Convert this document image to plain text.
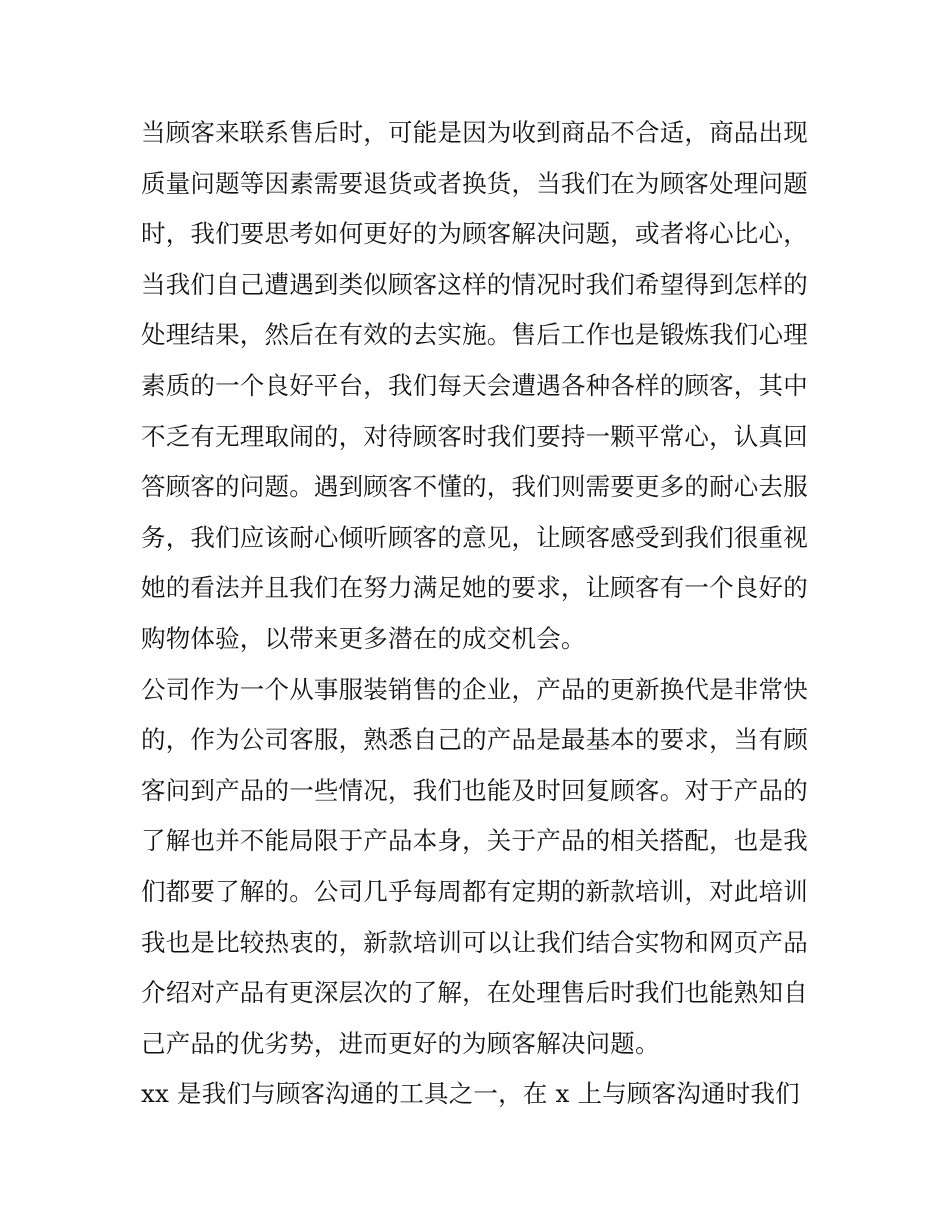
当顾客来联系售后时，可能是因为收到商品不合适，商品出现
质量问题等因素需要退货或者换货，当我们在为顾客处理问题
时，我们要思考如何更好的为顾客解决问题，或者将心比心，
当我们自己遭遇到类似顾客这样的情况时我们希望得到怎样的
处理结果，然后在有效的去实施。售后工作也是锻炼我们心理
素质的一个良好平台，我们每天会遭遇各种各样的顾客，其中
不乏有无理取闹的，对待顾客时我们要持一颗平常心，认真回
答顾客的问题。遇到顾客不懂的，我们则需要更多的耐心去服
务，我们应该耐心倾听顾客的意见，让顾客感受到我们很重视
她的看法并且我们在努力满足她的要求，让顾客有一个良好的
购物体验，以带来更多潜在的成交机会。
公司作为一个从事服装销售的企业，产品的更新换代是非常快
的，作为公司客服，熟悉自己的产品是最基本的要求，当有顾
客问到产品的一些情况，我们也能及时回复顾客。对于产品的
了解也并不能局限于产品本身，关于产品的相关搭配，也是我
们都要了解的。公司几乎每周都有定期的新款培训，对此培训
我也是比较热衷的，新款培训可以让我们结合实物和网页产品
介绍对产品有更深层次的了解，在处理售后时我们也能熟知自
己产品的优劣势，进而更好的为顾客解决问题。
xx 是我们与顾客沟通的工具之一，在 x 上与顾客沟通时我们
